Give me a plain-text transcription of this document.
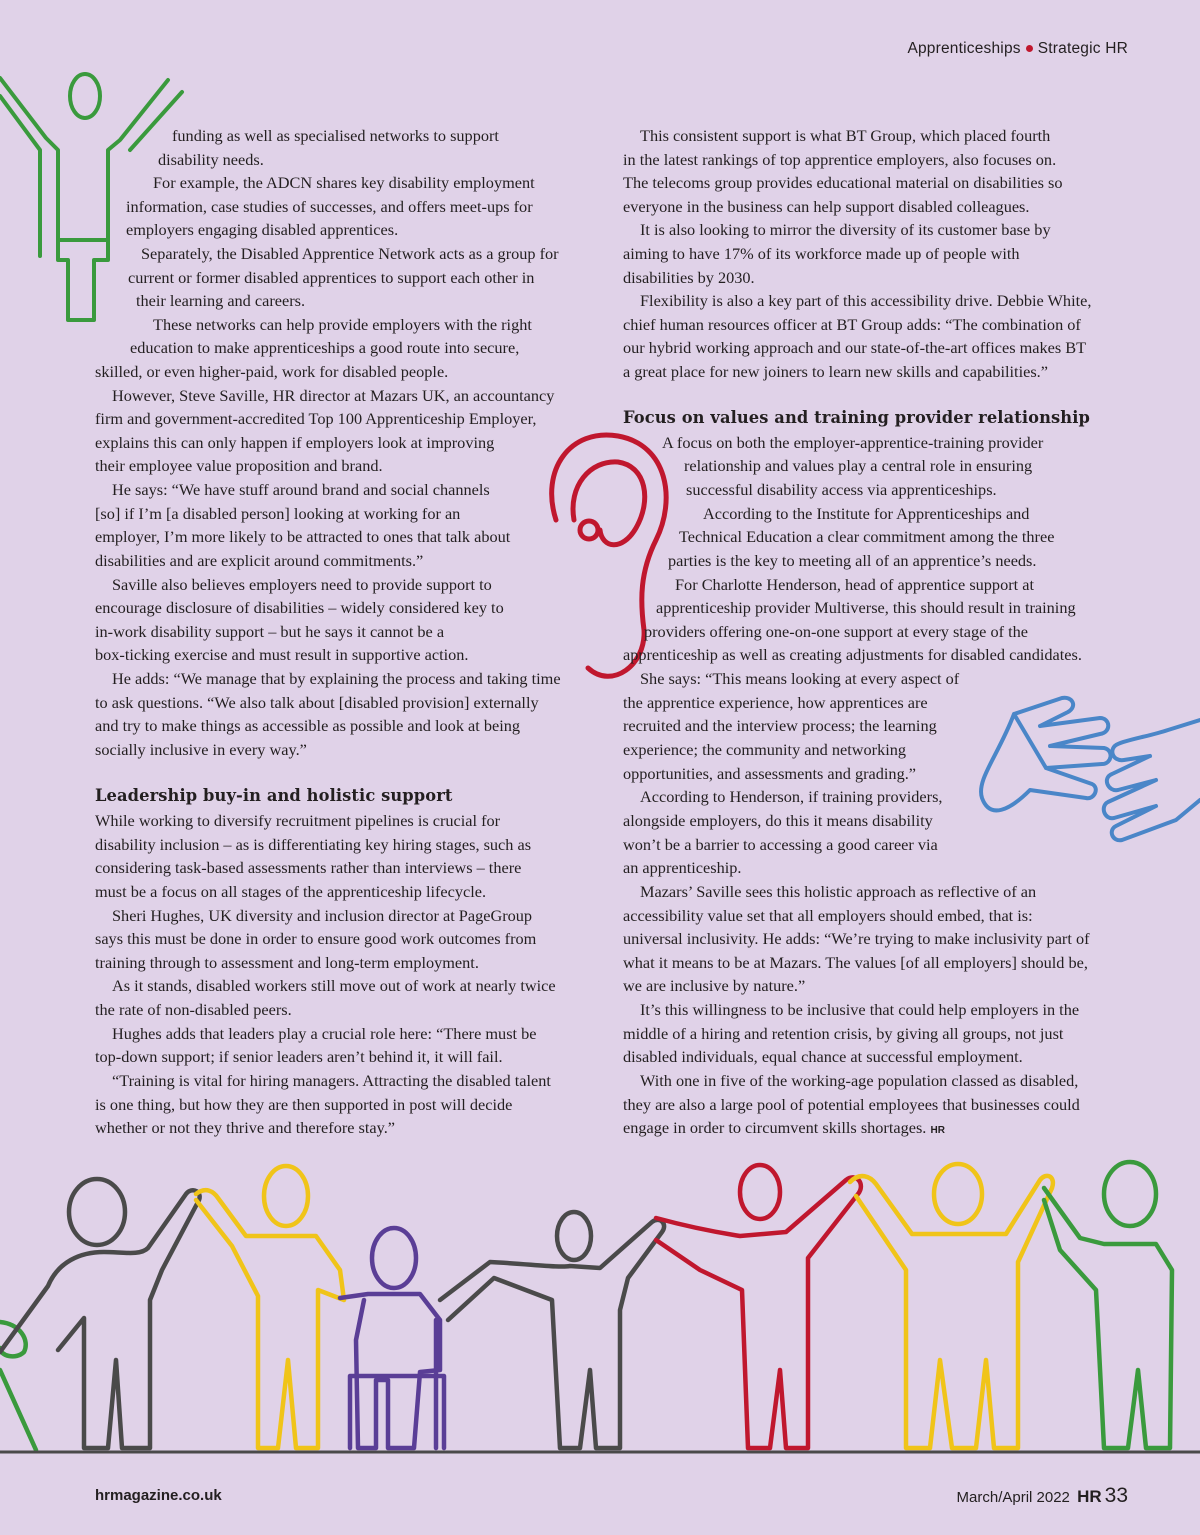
Apprenticeships Strategic HR
funding as well as specialised networks to support
disability needs.
For example, the ADCN shares key disability employment
information, case studies of successes, and offers meet-ups for
employers engaging disabled apprentices.
Separately, the Disabled Apprentice Network acts as a group for
current or former disabled apprentices to support each other in
their learning and careers.
These networks can help provide employers with the right
education to make apprenticeships a good route into secure,
skilled, or even higher-paid, work for disabled people.
However, Steve Saville, HR director at Mazars UK, an accountancy
firm and government-accredited Top 100 Apprenticeship Employer,
explains this can only happen if employers look at improving
their employee value proposition and brand.
He says: “We have stuff around brand and social channels
[so] if I’m [a disabled person] looking at working for an
employer, I’m more likely to be attracted to ones that talk about
disabilities and are explicit around commitments.”
Saville also believes employers need to provide support to
encourage disclosure of disabilities – widely considered key to
in-work disability support – but he says it cannot be a
box-ticking exercise and must result in supportive action.
He adds: “We manage that by explaining the process and taking time
to ask questions. “We also talk about [disabled provision] externally
and try to make things as accessible as possible and look at being
socially inclusive in every way.”
Leadership buy-in and holistic support
While working to diversify recruitment pipelines is crucial for
disability inclusion – as is differentiating key hiring stages, such as
considering task-based assessments rather than interviews – there
must be a focus on all stages of the apprenticeship lifecycle.
Sheri Hughes, UK diversity and inclusion director at PageGroup
says this must be done in order to ensure good work outcomes from
training through to assessment and long-term employment.
As it stands, disabled workers still move out of work at nearly twice
the rate of non-disabled peers.
Hughes adds that leaders play a crucial role here: “There must be
top-down support; if senior leaders aren’t behind it, it will fail.
“Training is vital for hiring managers. Attracting the disabled talent
is one thing, but how they are then supported in post will decide
whether or not they thrive and therefore stay.”
This consistent support is what BT Group, which placed fourth
in the latest rankings of top apprentice employers, also focuses on.
The telecoms group provides educational material on disabilities so
everyone in the business can help support disabled colleagues.
It is also looking to mirror the diversity of its customer base by
aiming to have 17% of its workforce made up of people with
disabilities by 2030.
Flexibility is also a key part of this accessibility drive. Debbie White,
chief human resources officer at BT Group adds: “The combination of
our hybrid working approach and our state-of-the-art offices makes BT
a great place for new joiners to learn new skills and capabilities.”
Focus on values and training provider relationship
A focus on both the employer-apprentice-training provider
relationship and values play a central role in ensuring
successful disability access via apprenticeships.
According to the Institute for Apprenticeships and
Technical Education a clear commitment among the three
parties is the key to meeting all of an apprentice’s needs.
For Charlotte Henderson, head of apprentice support at
apprenticeship provider Multiverse, this should result in training
providers offering one-on-one support at every stage of the
apprenticeship as well as creating adjustments for disabled candidates.
She says: “This means looking at every aspect of
the apprentice experience, how apprentices are
recruited and the interview process; the learning
experience; the community and networking
opportunities, and assessments and grading.”
According to Henderson, if training providers,
alongside employers, do this it means disability
won’t be a barrier to accessing a good career via
an apprenticeship.
Mazars’ Saville sees this holistic approach as reflective of an
accessibility value set that all employers should embed, that is:
universal inclusivity. He adds: “We’re trying to make inclusivity part of
what it means to be at Mazars. The values [of all employers] should be,
we are inclusive by nature.”
It’s this willingness to be inclusive that could help employers in the
middle of a hiring and retention crisis, by giving all groups, not just
disabled individuals, equal chance at successful employment.
With one in five of the working-age population classed as disabled,
they are also a large pool of potential employees that businesses could
engage in order to circumvent skills shortages. HR
hrmagazine.co.uk	March/April 2022 HR 33
